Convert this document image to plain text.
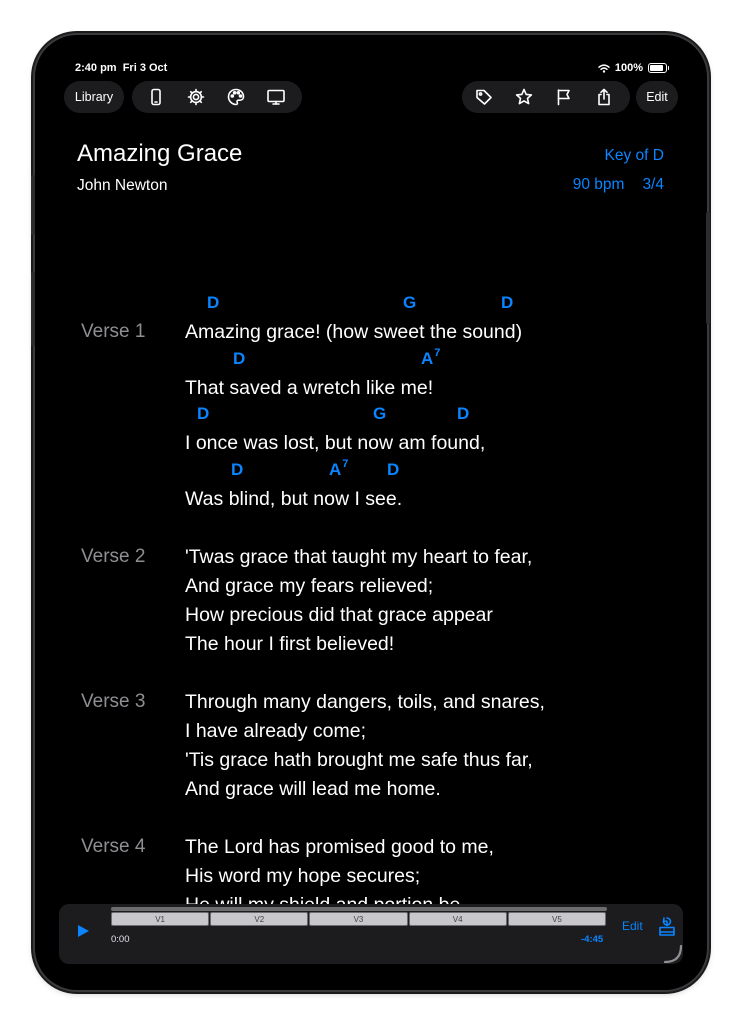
2:40 pm Fri 3 Oct	100%
Library	Edit
Amazing Grace
John Newton
Key of D
90 bpm 3/4
Verse 1 Amazing grace! (how sweet the sound)
D	G	D
That saved a wretch like me!
D	$A^7$
I once was lost, but now am found,
D	G	D
Was blind, but now I see.
D	$A^7$ D
Verse 2 'Twas grace that taught my heart to fear,
And grace my fears relieved;
How precious did that grace appear
The hour I first believed!
Verse 3 Through many dangers, toils, and snares,
I have already come;
'Tis grace hath brought me safe thus far,
And grace will lead me home.
Verse 4 The Lord has promised good to me,
His word my hope secures;
V1	V2	V3	V4	V5
0:00	-4:45
Edit
